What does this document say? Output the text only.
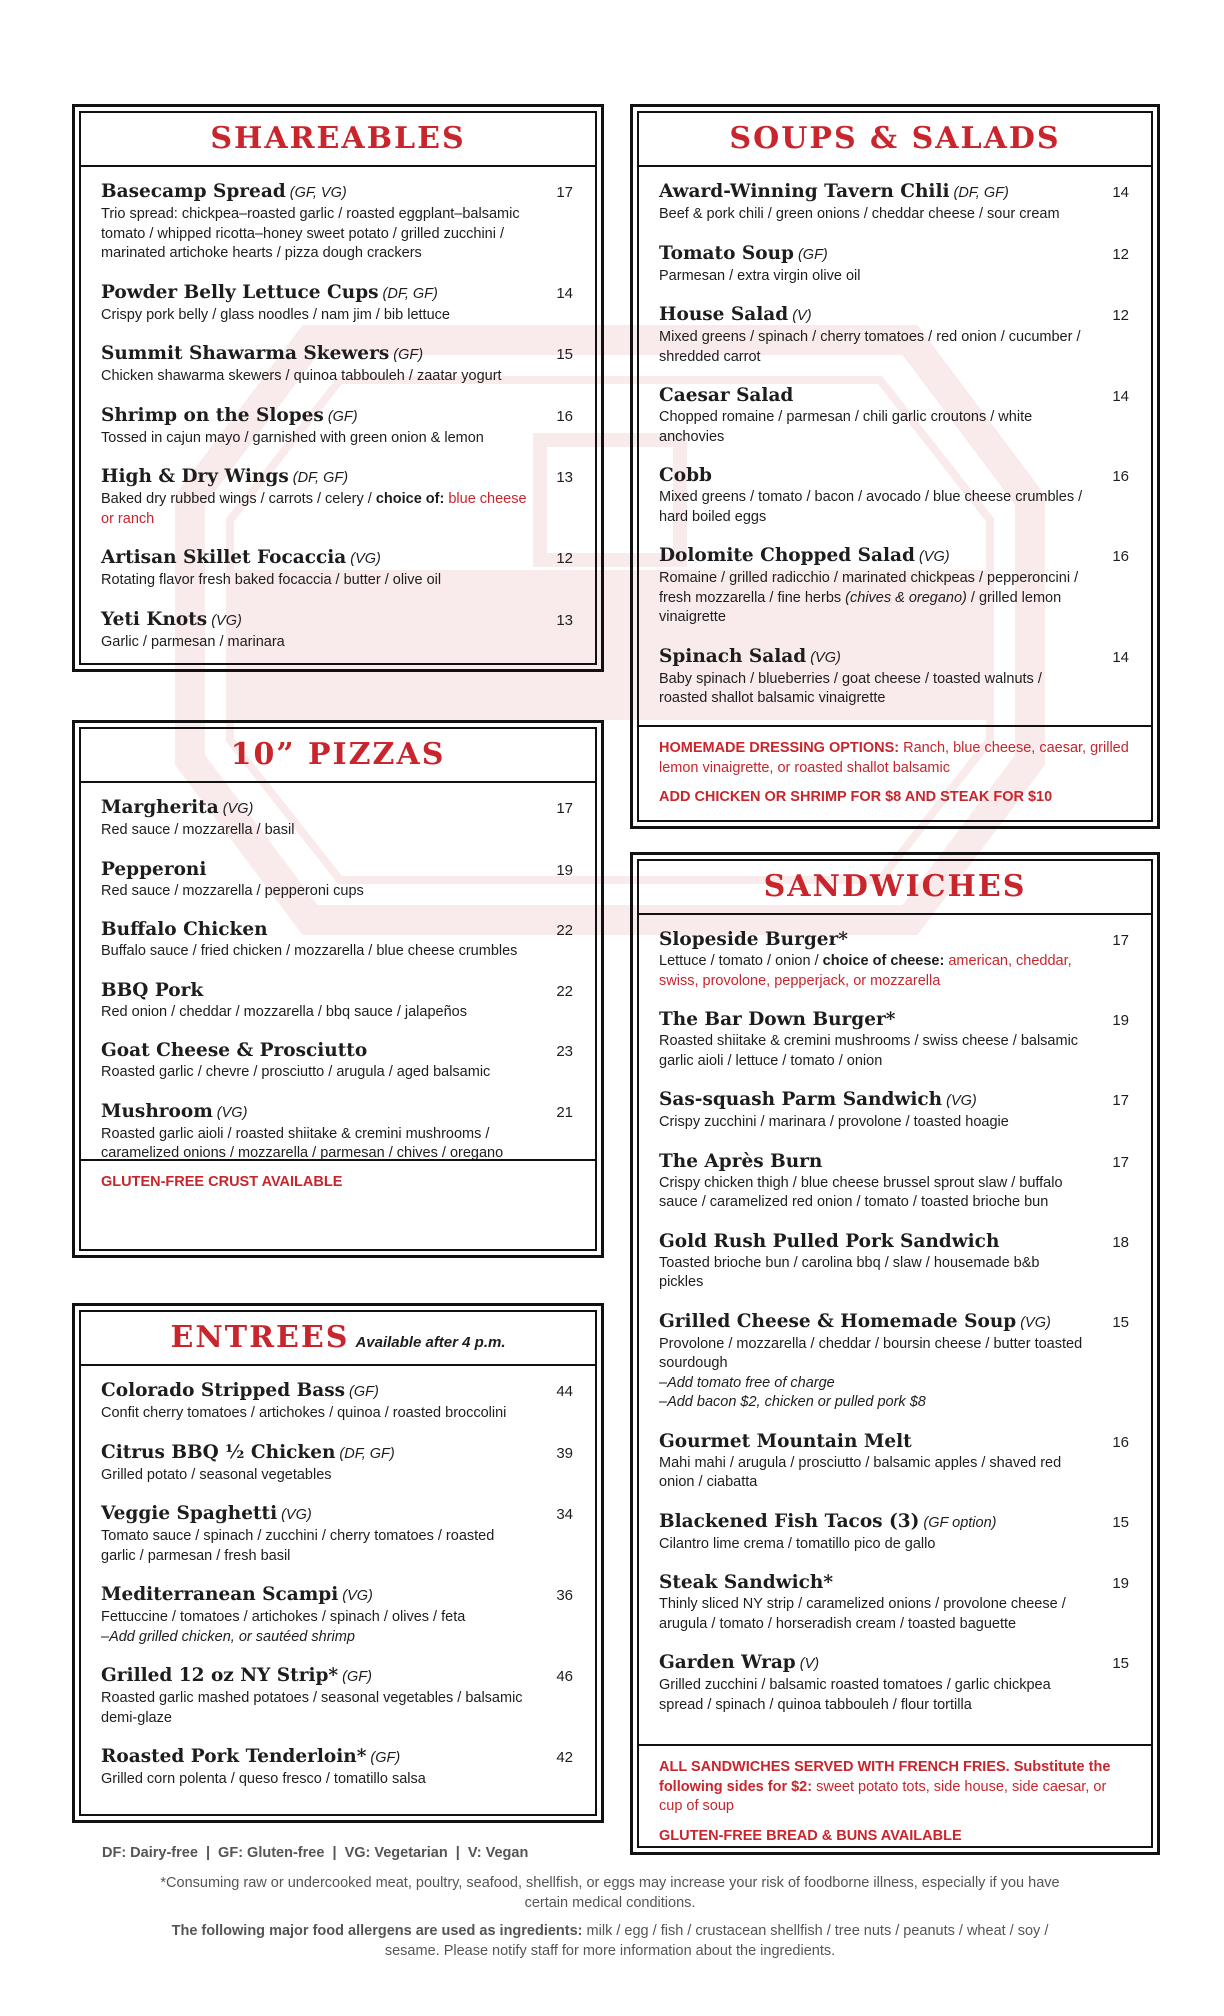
SHAREABLES
Basecamp Spread (GF, VG)	17
Trio spread: chickpea–roasted garlic / roasted eggplant–balsamic tomato / whipped ricotta–honey sweet potato / grilled zucchini / marinated artichoke hearts / pizza dough crackers
Powder Belly Lettuce Cups (DF, GF)	14
Crispy pork belly / glass noodles / nam jim / bib lettuce
Summit Shawarma Skewers (GF)	15
Chicken shawarma skewers / quinoa tabbouleh / zaatar yogurt
Shrimp on the Slopes (GF)	16
Tossed in cajun mayo / garnished with green onion & lemon
High & Dry Wings (DF, GF)	13
Baked dry rubbed wings / carrots / celery / choice of: blue cheese or ranch
Artisan Skillet Focaccia (VG)	12
Rotating flavor fresh baked focaccia / butter / olive oil
Yeti Knots (VG)	13
Garlic / parmesan / marinara
10” PIZZAS
Margherita (VG)	17
Red sauce / mozzarella / basil
Pepperoni	19
Red sauce / mozzarella / pepperoni cups
Buffalo Chicken	22
Buffalo sauce / fried chicken / mozzarella / blue cheese crumbles
BBQ Pork	22
Red onion / cheddar / mozzarella / bbq sauce / jalapeños
Goat Cheese & Prosciutto	23
Roasted garlic / chevre / prosciutto / arugula / aged balsamic
Mushroom (VG)	21
Roasted garlic aioli / roasted shiitake & cremini mushrooms / caramelized onions / mozzarella / parmesan / chives / oregano

GLUTEN-FREE CRUST AVAILABLE

ENTREES Available after 4 p.m.
Colorado Stripped Bass (GF)	44
Confit cherry tomatoes / artichokes / quinoa / roasted broccolini
Citrus BBQ ½ Chicken (DF, GF)	39
Grilled potato / seasonal vegetables
Veggie Spaghetti (VG)	34
Tomato sauce / spinach / zucchini / cherry tomatoes / roasted garlic / parmesan / fresh basil
Mediterranean Scampi (VG)	36
Fettuccine / tomatoes / artichokes / spinach / olives / feta
–Add grilled chicken, or sautéed shrimp
Grilled 12 oz NY Strip* (GF)	46
Roasted garlic mashed potatoes / seasonal vegetables / balsamic demi-glaze
Roasted Pork Tenderloin* (GF)	42
Grilled corn polenta / queso fresco / tomatillo salsa
SOUPS & SALADS
Award-Winning Tavern Chili (DF, GF)	14
Beef & pork chili / green onions / cheddar cheese / sour cream
Tomato Soup (GF)	12
Parmesan / extra virgin olive oil
House Salad (V)	12
Mixed greens / spinach / cherry tomatoes / red onion / cucumber / shredded carrot
Caesar Salad	14
Chopped romaine / parmesan / chili garlic croutons / white anchovies
Cobb	16
Mixed greens / tomato / bacon / avocado / blue cheese crumbles / hard boiled eggs
Dolomite Chopped Salad (VG)	16
Romaine / grilled radicchio / marinated chickpeas / pepperoncini / fresh mozzarella / fine herbs (chives & oregano) / grilled lemon vinaigrette
Spinach Salad (VG)	14
Baby spinach / blueberries / goat cheese / toasted walnuts / roasted shallot balsamic vinaigrette

HOMEMADE DRESSING OPTIONS: Ranch, blue cheese, caesar, grilled lemon vinaigrette, or roasted shallot balsamic

ADD CHICKEN OR SHRIMP FOR $8 AND STEAK FOR $10

SANDWICHES
Slopeside Burger*	17
Lettuce / tomato / onion / choice of cheese: american, cheddar, swiss, provolone, pepperjack, or mozzarella
The Bar Down Burger*	19
Roasted shiitake & cremini mushrooms / swiss cheese / balsamic garlic aioli / lettuce / tomato / onion
Sas-squash Parm Sandwich (VG)	17
Crispy zucchini / marinara / provolone / toasted hoagie
The Après Burn	17
Crispy chicken thigh / blue cheese brussel sprout slaw / buffalo sauce / caramelized red onion / tomato / toasted brioche bun
Gold Rush Pulled Pork Sandwich	18
Toasted brioche bun / carolina bbq / slaw / housemade b&b pickles
Grilled Cheese & Homemade Soup (VG)	15
Provolone / mozzarella / cheddar / boursin cheese / butter toasted sourdough
–Add tomato free of charge
–Add bacon $2, chicken or pulled pork $8
Gourmet Mountain Melt	16
Mahi mahi / arugula / prosciutto / balsamic apples / shaved red onion / ciabatta
Blackened Fish Tacos (3) (GF option)	15
Cilantro lime crema / tomatillo pico de gallo
Steak Sandwich*	19
Thinly sliced NY strip / caramelized onions / provolone cheese / arugula / tomato / horseradish cream / toasted baguette
Garden Wrap (V)	15
Grilled zucchini / balsamic roasted tomatoes / garlic chickpea spread / spinach / quinoa tabbouleh / flour tortilla

ALL SANDWICHES SERVED WITH FRENCH FRIES. Substitute the following sides for $2: sweet potato tots, side house, side caesar, or cup of soup

GLUTEN-FREE BREAD & BUNS AVAILABLE

DF: Dairy-free  |  GF: Gluten-free  |  VG: Vegetarian  |  V: Vegan
*Consuming raw or undercooked meat, poultry, seafood, shellfish, or eggs may increase your risk of foodborne illness, especially if you have certain medical conditions.
The following major food allergens are used as ingredients: milk / egg / fish / crustacean shellfish / tree nuts / peanuts / wheat / soy / sesame. Please notify staff for more information about the ingredients.
